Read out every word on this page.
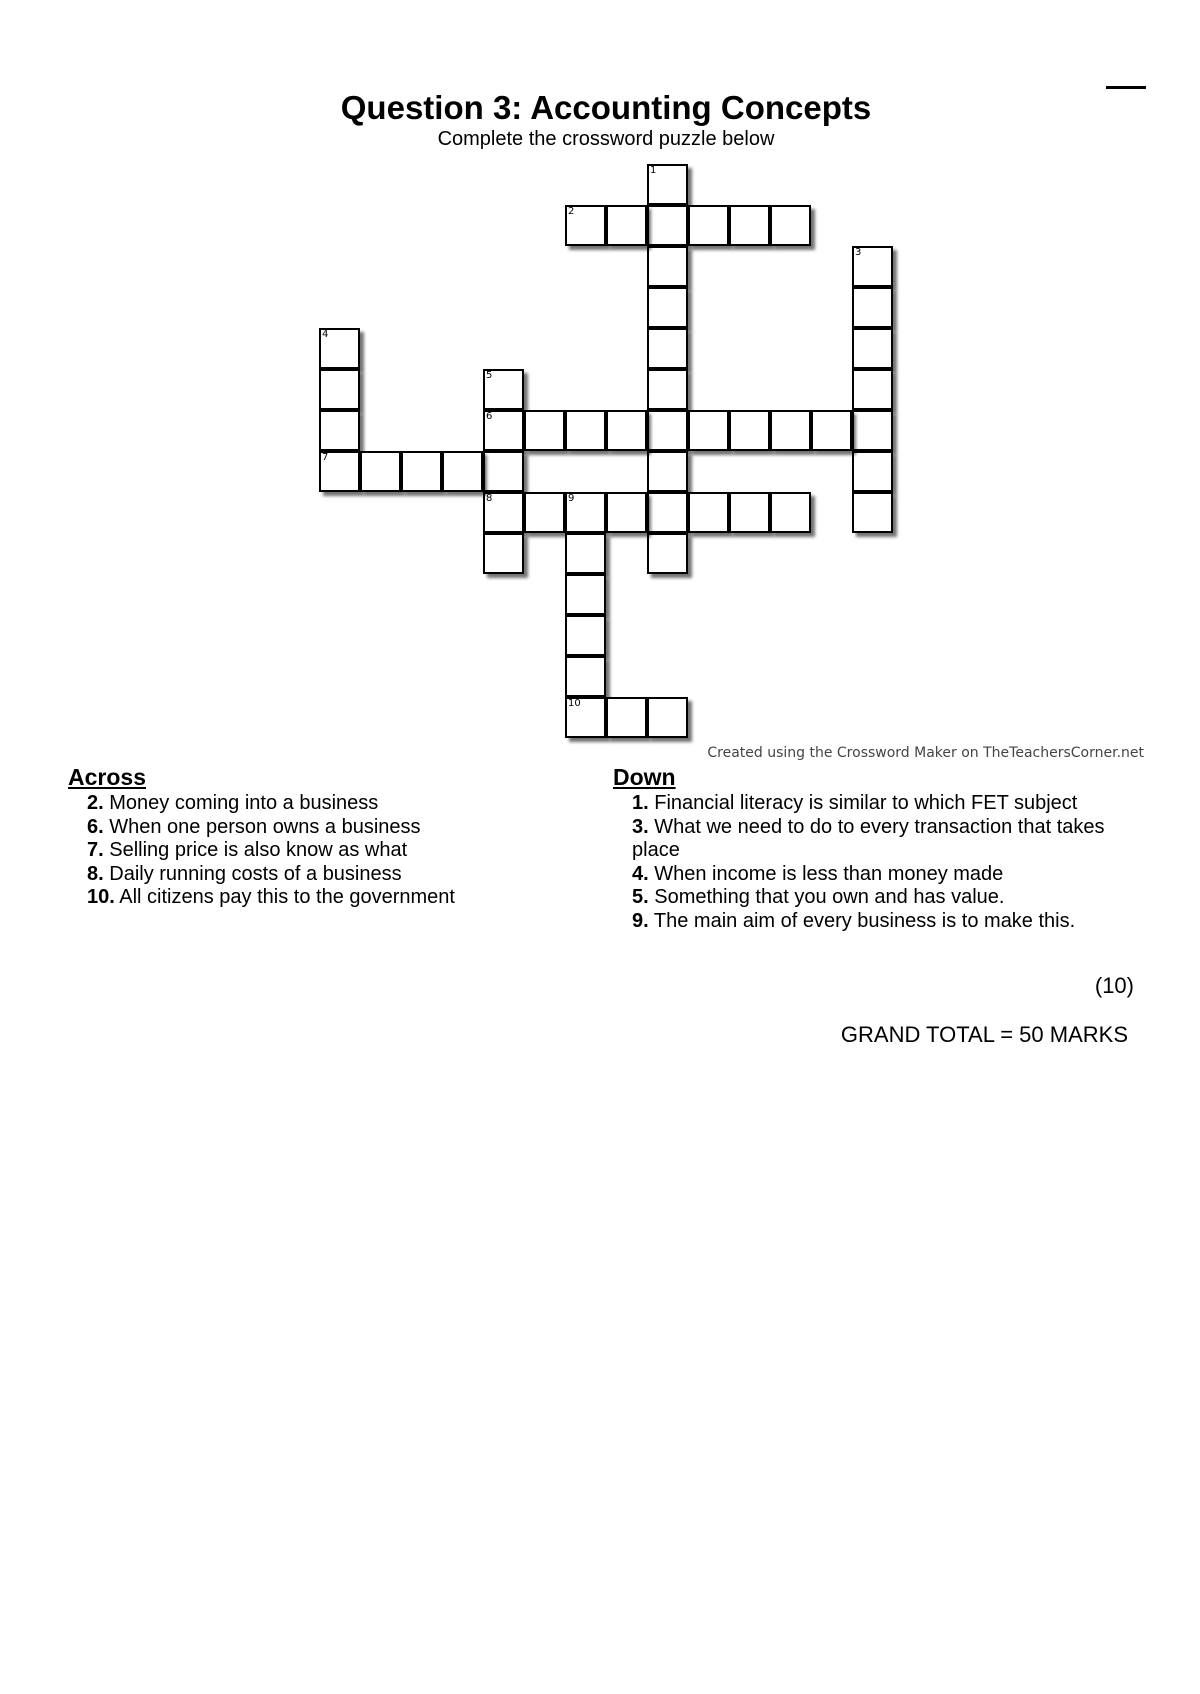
Question 3: Accounting Concepts
Complete the crossword puzzle below
1
2
3
4
7
5
6
8	9
10
Created using the Crossword Maker on TheTeachersCorner.net
Across
2. Money coming into a business
6. When one person owns a business
7. Selling price is also know as what
8. Daily running costs of a business
10. All citizens pay this to the government
Down
1. Financial literacy is similar to which FET subject
3. What we need to do to every transaction that takes place
4. When income is less than money made
5. Something that you own and has value.
9. The main aim of every business is to make this.
(10)
GRAND TOTAL = 50 MARKS
